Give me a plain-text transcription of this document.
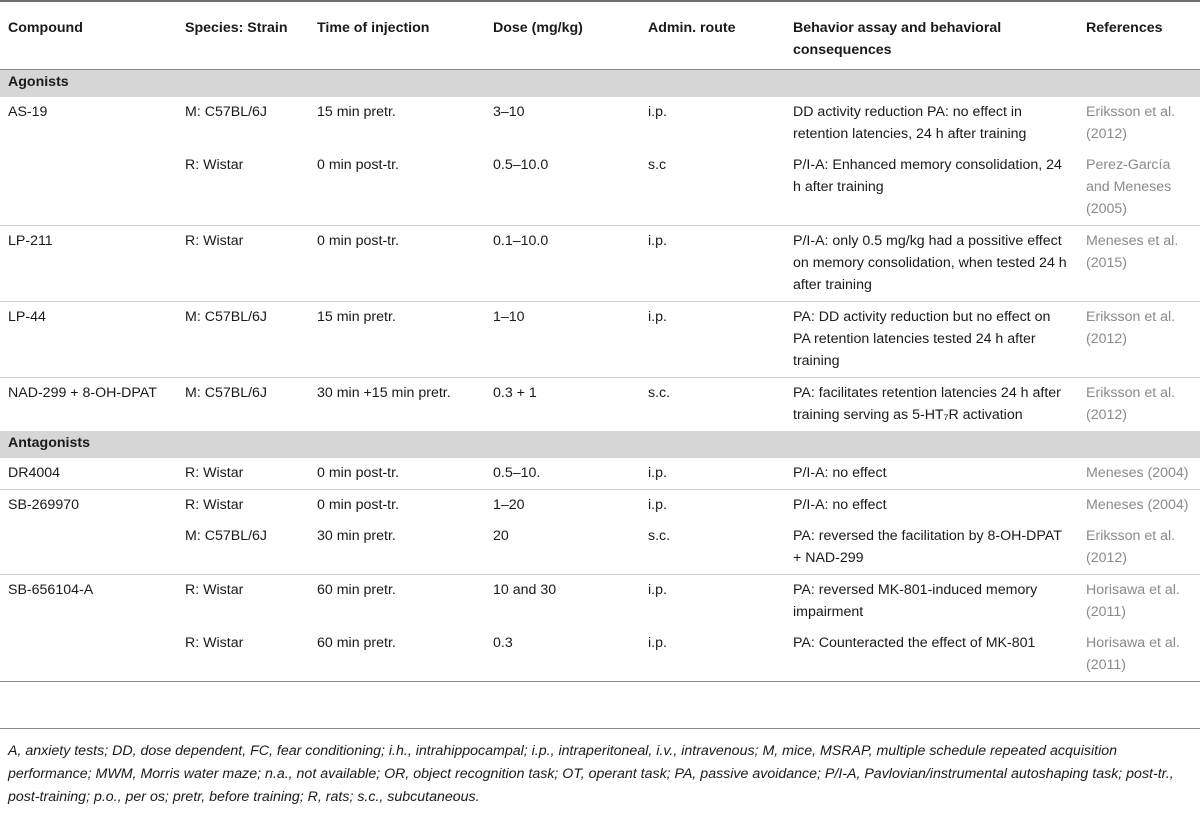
Compound	Species: Strain	Time of injection	Dose (mg/kg)	Admin. route	Behavior assay and behavioral consequences	References
Agonists						
AS-19	M: C57BL/6J	15 min pretr.	3–10	i.p.	DD activity reduction PA: no effect in retention latencies, 24 h after training	Eriksson et al. (2012)
	R: Wistar	0 min post-tr.	0.5–10.0	s.c	P/I-A: Enhanced memory consolidation, 24 h after training	Perez-García and Meneses (2005)
LP-211	R: Wistar	0 min post-tr.	0.1–10.0	i.p.	P/I-A: only 0.5 mg/kg had a possitive effect on memory consolidation, when tested 24 h after training	Meneses et al. (2015)
LP-44	M: C57BL/6J	15 min pretr.	1–10	i.p.	PA: DD activity reduction but no effect on PA retention latencies tested 24 h after training	Eriksson et al. (2012)
NAD-299 + 8-OH-DPAT	M: C57BL/6J	30 min +15 min pretr.	0.3 + 1	s.c.	PA: facilitates retention latencies 24 h after training serving as 5-HT₇R activation	Eriksson et al. (2012)
Antagonists						
DR4004	R: Wistar	0 min post-tr.	0.5–10.	i.p.	P/I-A: no effect	Meneses (2004)
SB-269970	R: Wistar	0 min post-tr.	1–20	i.p.	P/I-A: no effect	Meneses (2004)
	M: C57BL/6J	30 min pretr.	20	s.c.	PA: reversed the facilitation by 8-OH-DPAT + NAD-299	Eriksson et al. (2012)
SB-656104-A	R: Wistar	60 min pretr.	10 and 30	i.p.	PA: reversed MK-801-induced memory impairment	Horisawa et al. (2011)
	R: Wistar	60 min pretr.	0.3	i.p.	PA: Counteracted the effect of MK-801	Horisawa et al. (2011)
A, anxiety tests; DD, dose dependent, FC, fear conditioning; i.h., intrahippocampal; i.p., intraperitoneal, i.v., intravenous; M, mice, MSRAP, multiple schedule repeated acquisition performance; MWM, Morris water maze; n.a., not available; OR, object recognition task; OT, operant task; PA, passive avoidance; P/I-A, Pavlovian/instrumental autoshaping task; post-tr., post-training; p.o., per os; pretr, before training; R, rats; s.c., subcutaneous.
